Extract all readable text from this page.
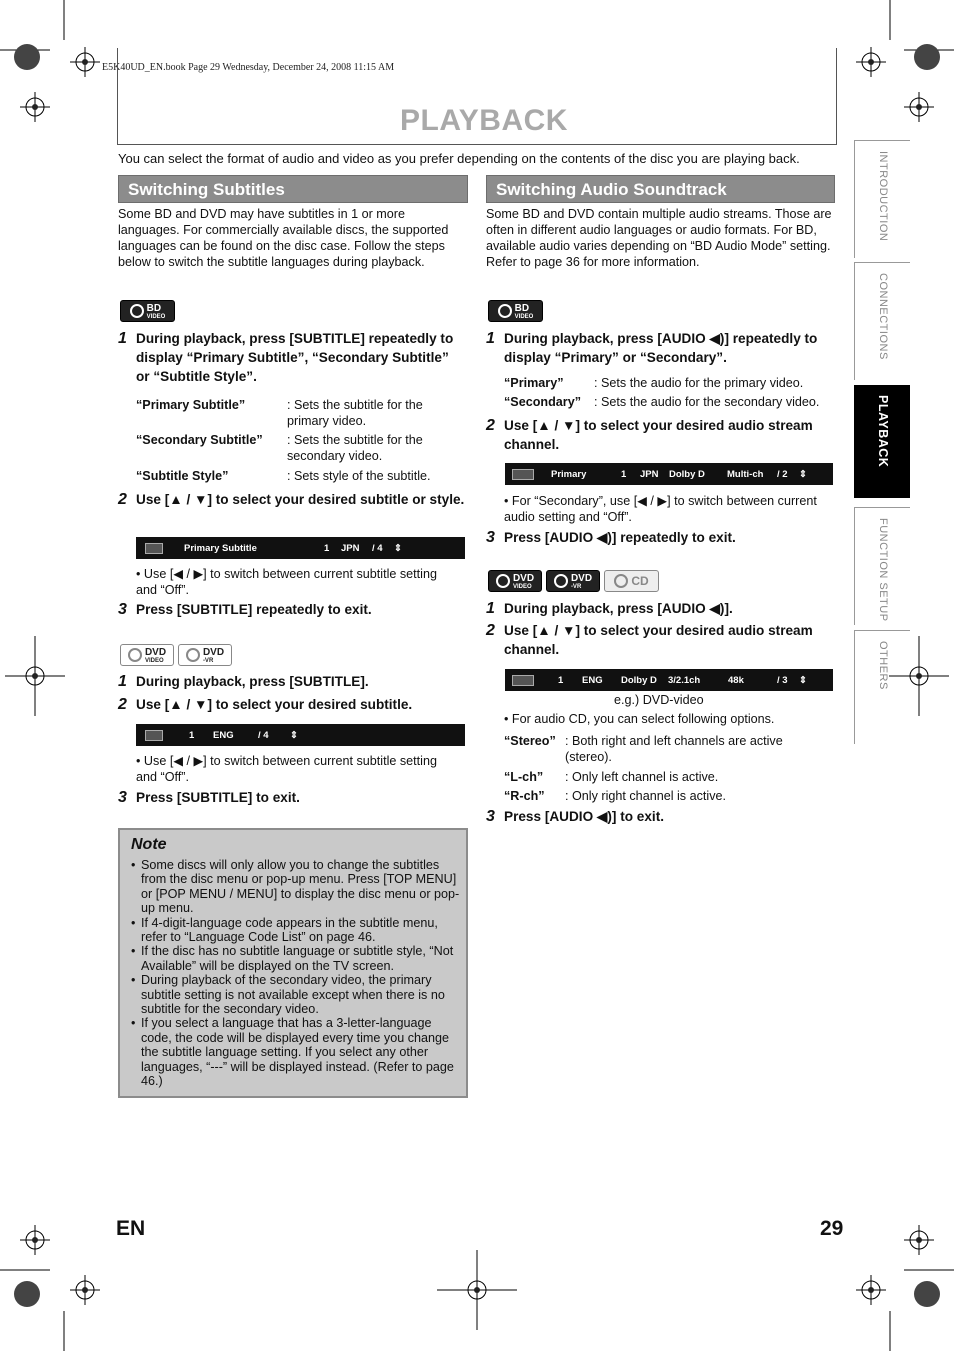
E5K40UD_EN.book Page 29 Wednesday, December 24, 2008 11:15 AM
PLAYBACK
You can select the format of audio and video as you prefer depending on the contents of the disc you are playing back.	INTRODUCTION
CONNECTIONS
PLAYBACK
FUNCTION SETUP
OTHERS
Switching Subtitles
Some BD and DVD may have subtitles in 1 or more languages. For commercially available discs, the supported languages can be found on the disc case. Follow the steps below to switch the subtitle languages during playback.
BD
VIDEO
1 During playback, press [SUBTITLE] repeatedly to display “Primary Subtitle”, “Secondary Subtitle” or “Subtitle Style”.
“Primary Subtitle”	: Sets the subtitle for the primary video.
“Secondary Subtitle”	: Sets the subtitle for the secondary video.
“Subtitle Style”	: Sets style of the subtitle.
2 Use [▲ / ▼] to select your desired subtitle or style.
Primary Subtitle	1 JPN / 4 ⇕
• Use [◀ / ▶] to switch between current subtitle setting and “Off”.
3 Press [SUBTITLE] repeatedly to exit.
DVD
VIDEO
DVD
-VR
1 During playback, press [SUBTITLE].
2 Use [▲ / ▼] to select your desired subtitle.
1 ENG	/ 4 ⇕
• Use [◀ / ▶] to switch between current subtitle setting and “Off”.
3 Press [SUBTITLE] to exit.
Note
• Some discs will only allow you to change the subtitles from the disc menu or pop-up menu. Press [TOP MENU] or [POP MENU / MENU] to display the disc menu or pop-up menu.
• If 4-digit-language code appears in the subtitle menu, refer to “Language Code List” on page 46.
• If the disc has no subtitle language or subtitle style, “Not Available” will be displayed on the TV screen.
• During playback of the secondary video, the primary subtitle setting is not available except when there is no subtitle for the secondary video.
• If you select a language that has a 3-letter-language code, the code will be displayed every time you change the subtitle language setting. If you select any other languages, “---” will be displayed instead. (Refer to page 46.)
Switching Audio Soundtrack
Some BD and DVD contain multiple audio streams. Those are often in different audio languages or audio formats. For BD, available audio varies depending on “BD Audio Mode” setting. Refer to page 36 for more information.
BD
VIDEO
1 During playback, press [AUDIO ◀)] repeatedly to display “Primary” or “Secondary”.
“Primary”	: Sets the audio for the primary video.
“Secondary”	: Sets the audio for the secondary video.
2 Use [▲ / ▼] to select your desired audio stream channel.
Primary	1 JPN Dolby D Multi-ch / 2 ⇕
• For “Secondary”, use [◀ / ▶] to switch between current audio setting and “Off”.
3 Press [AUDIO ◀)] repeatedly to exit.
DVD
VIDEO
DVD
-VR	CD
1 During playback, press [AUDIO ◀)].
2 Use [▲ / ▼] to select your desired audio stream channel.
1 ENG Dolby D 3/2.1ch	48k	/ 3 ⇕
e.g.) DVD-video
• For audio CD, you can select following options.
“Stereo” : Both right and left channels are active (stereo).
“L-ch”	: Only left channel is active.
“R-ch”	: Only right channel is active.
3 Press [AUDIO ◀)] to exit.
EN	29
